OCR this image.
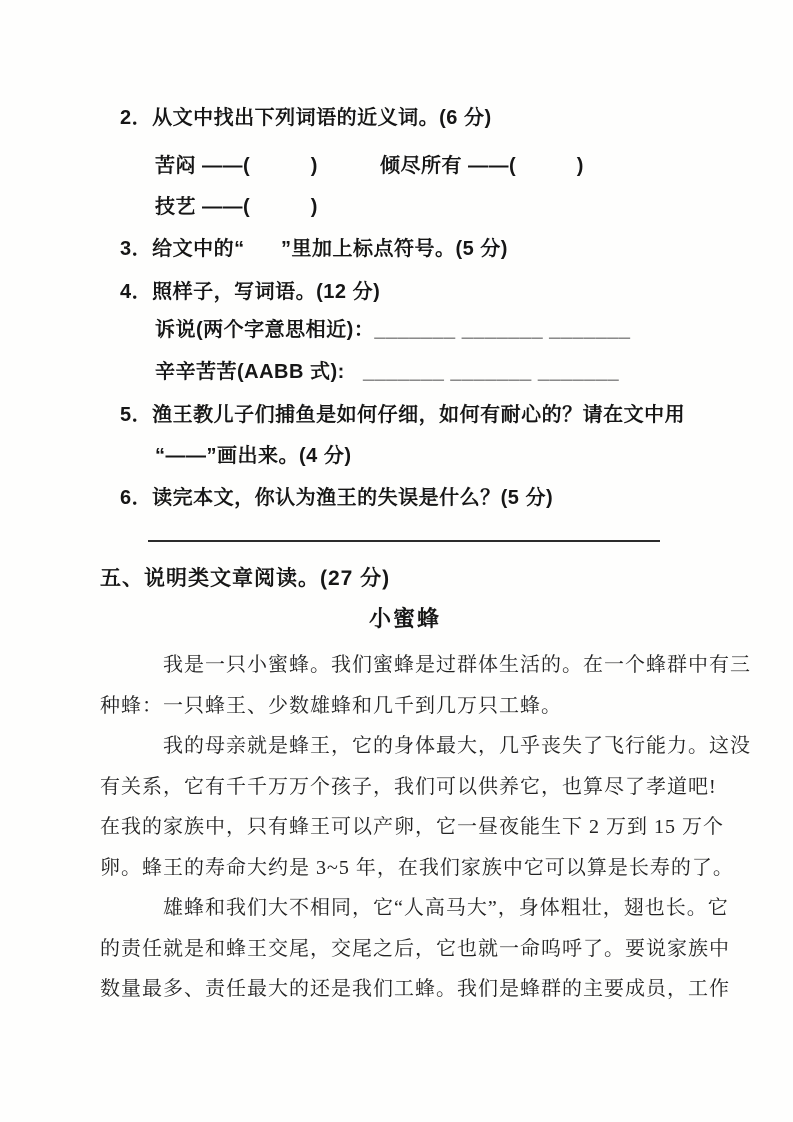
2．从文中找出下列词语的近义词。(6 分)
苦闷 ——(          )	倾尽所有 ——(          )
技艺 ——(          )
3．给文中的“      ”里加上标点符号。(5 分)
4．照样子，写词语。(12 分)
诉说(两个字意思相近)：_______ _______ _______
辛辛苦苦(AABB 式):   _______ _______ _______
5．渔王教儿子们捕鱼是如何仔细，如何有耐心的？请在文中用
“——”画出来。(4 分)
6．读完本文，你认为渔王的失误是什么？(5 分)
五、说明类文章阅读。(27 分)
小蜜蜂
我是一只小蜜蜂。我们蜜蜂是过群体生活的。在一个蜂群中有三
种蜂：一只蜂王、少数雄蜂和几千到几万只工蜂。
我的母亲就是蜂王，它的身体最大，几乎丧失了飞行能力。这没
有关系，它有千千万万个孩子，我们可以供养它，也算尽了孝道吧!
在我的家族中，只有蜂王可以产卵，它一昼夜能生下 2 万到 15 万个
卵。蜂王的寿命大约是 3~5 年，在我们家族中它可以算是长寿的了。
雄蜂和我们大不相同，它“人高马大”，身体粗壮，翅也长。它
的责任就是和蜂王交尾，交尾之后，它也就一命呜呼了。要说家族中
数量最多、责任最大的还是我们工蜂。我们是蜂群的主要成员，工作
